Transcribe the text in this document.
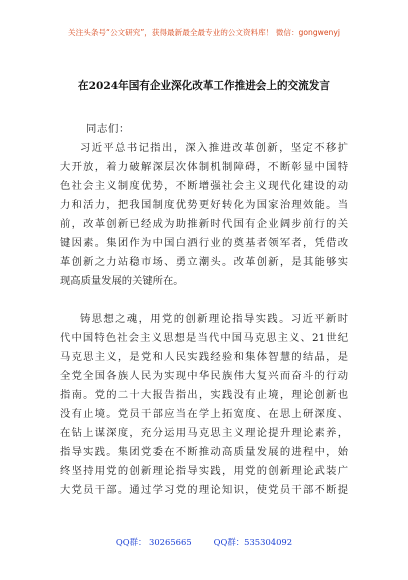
关注头条号“公文研究”，获得最新最全最专业的公文资料库！ 微信：gongwenyj
在2024年国有企业深化改革工作推进会上的交流发言
同志们：
习近平总书记指出，深入推进改革创新，坚定不移扩
大开放，着力破解深层次体制机制障碍，不断彰显中国特
色社会主义制度优势，不断增强社会主义现代化建设的动
力和活力，把我国制度优势更好转化为国家治理效能。当
前，改革创新已经成为助推新时代国有企业阔步前行的关
键因素。集团作为中国白酒行业的奠基者领军者，凭借改
革创新之力站稳市场、勇立潮头。改革创新，是其能够实
现高质量发展的关键所在。
铸思想之魂，用党的创新理论指导实践。习近平新时
代中国特色社会主义思想是当代中国马克思主义、21世纪
马克思主义，是党和人民实践经验和集体智慧的结晶，是
全党全国各族人民为实现中华民族伟大复兴而奋斗的行动
指南。党的二十大报告指出，实践没有止境，理论创新也
没有止境。党员干部应当在学上拓宽度、在思上研深度、
在钻上谋深度，充分运用马克思主义理论提升理论素养，
指导实践。集团党委在不断推动高质量发展的进程中，始
终坚持用党的创新理论指导实践，用党的创新理论武装广
大党员干部。通过学习党的理论知识，使党员干部不断提
QQ群： 30265665	QQ群：535304092
